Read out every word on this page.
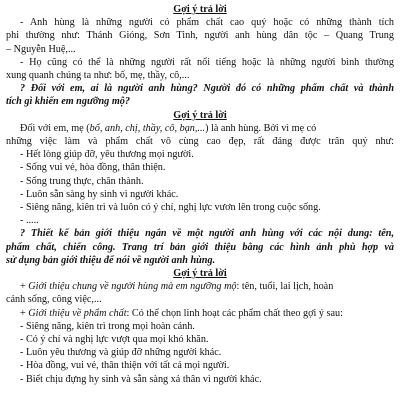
Gợi ý trả lời
- Anh hùng là những người có phẩm chất cao quý hoặc có những thành tích
phi thường như: Thánh Gióng, Sơn Tinh, người anh hùng dân tộc – Quang Trung
– Nguyễn Huệ,...
- Họ cũng có thể là những người rất nổi tiếng hoặc là những người bình thường
xung quanh chúng ta như: bố, mẹ, thầy, cô,...
? Đối với em, ai là người anh hùng? Người đó có những phẩm chất và thành
tích gì khiến em ngưỡng mộ?
Gợi ý trả lời
Đối với em, mẹ (bố, anh, chị, thầy, cô, bạn,...) là anh hùng. Bởi vì mẹ có
những việc làm và phẩm chất vô cùng cao đẹp, rất đáng được trân quý như:
- Hết lòng giúp đỡ, yêu thương mọi người.
- Sống vui vẻ, hòa đồng, thân thiện.
- Sống trung thực, chân thành.
- Luôn sẵn sàng hy sinh vì người khác.
- Siêng năng, kiên trì và luôn có ý chí, nghị lực vươn lên trong cuộc sống.
- .....
? Thiết kế bản giới thiệu ngắn về một người anh hùng với các nội dung: tên,
phẩm chất, chiến công. Trang trí bản giới thiệu bằng các hình ảnh phù hợp và
sử dụng bản giới thiệu để nói về người anh hùng.
Gợi ý trả lời
+ Giới thiệu chung về người hùng mà em ngưỡng mộ: tên, tuổi, lai lịch, hoàn
cảnh sống, công việc,...
+ Giới thiệu về phẩm chất: Có thể chọn linh hoạt các phẩm chất theo gợi ý sau:
- Siêng năng, kiên trì trong mọi hoàn cảnh.
- Có ý chí và nghị lực vượt qua mọi khó khăn.
- Luôn yêu thương và giúp đỡ những người khác.
- Hòa đồng, vui vẻ, thân thiện với tất cả mọi người.
- Biết chịu đựng hy sinh và sẵn sàng xả thân vì người khác.
